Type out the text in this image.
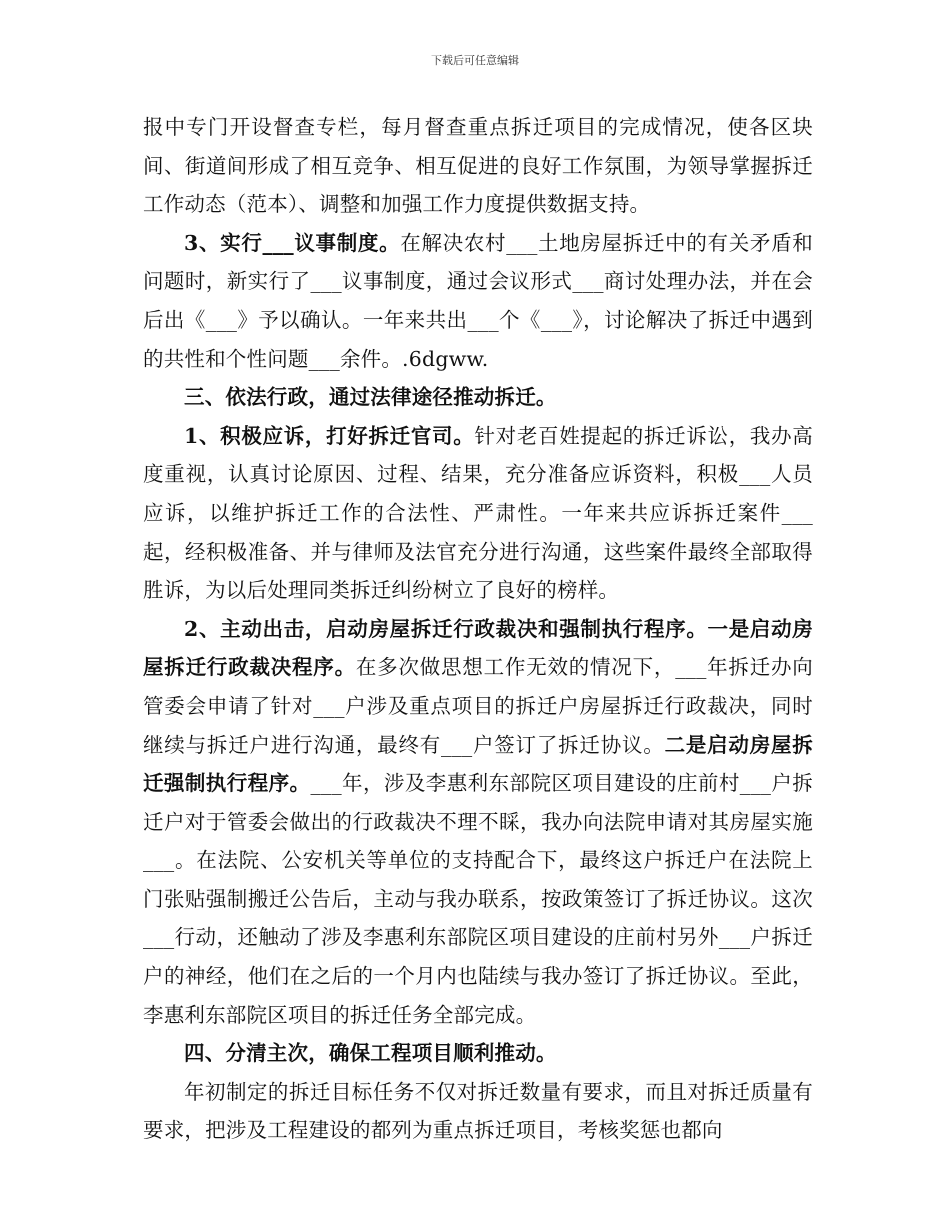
下载后可任意编辑

报中专门开设督查专栏，每月督查重点拆迁项目的完成情况，使各区块间、街道间形成了相互竞争、相互促进的良好工作氛围，为领导掌握拆迁工作动态（范本）、调整和加强工作力度提供数据支持。

3、实行___议事制度。在解决农村___土地房屋拆迁中的有关矛盾和问题时，新实行了___议事制度，通过会议形式___商讨处理办法，并在会后出《___》予以确认。一年来共出___个《___》，讨论解决了拆迁中遇到的共性和个性问题___余件。.6dgww.

三、依法行政，通过法律途径推动拆迁。

1、积极应诉，打好拆迁官司。针对老百姓提起的拆迁诉讼，我办高度重视，认真讨论原因、过程、结果，充分准备应诉资料，积极___人员应诉，以维护拆迁工作的合法性、严肃性。一年来共应诉拆迁案件___起，经积极准备、并与律师及法官充分进行沟通，这些案件最终全部取得胜诉，为以后处理同类拆迁纠纷树立了良好的榜样。

2、主动出击，启动房屋拆迁行政裁决和强制执行程序。一是启动房屋拆迁行政裁决程序。在多次做思想工作无效的情况下，___年拆迁办向管委会申请了针对___户涉及重点项目的拆迁户房屋拆迁行政裁决，同时继续与拆迁户进行沟通，最终有___户签订了拆迁协议。二是启动房屋拆迁强制执行程序。___年，涉及李惠利东部院区项目建设的庄前村___户拆迁户对于管委会做出的行政裁决不理不睬，我办向法院申请对其房屋实施___。在法院、公安机关等单位的支持配合下，最终这户拆迁户在法院上门张贴强制搬迁公告后，主动与我办联系，按政策签订了拆迁协议。这次___行动，还触动了涉及李惠利东部院区项目建设的庄前村另外___户拆迁户的神经，他们在之后的一个月内也陆续与我办签订了拆迁协议。至此，李惠利东部院区项目的拆迁任务全部完成。

四、分清主次，确保工程项目顺利推动。

年初制定的拆迁目标任务不仅对拆迁数量有要求，而且对拆迁质量有要求，把涉及工程建设的都列为重点拆迁项目，考核奖惩也都向
